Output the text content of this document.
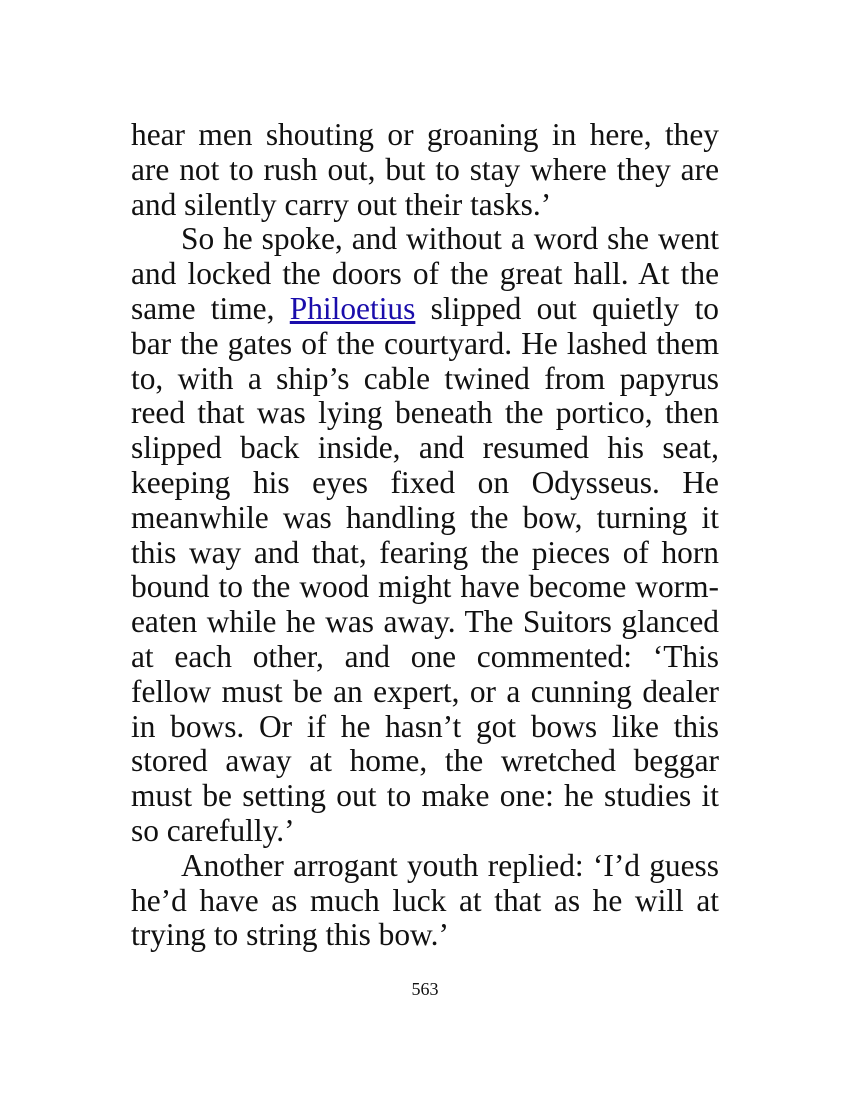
hear men shouting or groaning in here, they are not to rush out, but to stay where they are and silently carry out their tasks.’

So he spoke, and without a word she went and locked the doors of the great hall. At the same time, Philoetius slipped out quietly to bar the gates of the courtyard. He lashed them to, with a ship’s cable twined from papyrus reed that was lying beneath the portico, then slipped back inside, and resumed his seat, keeping his eyes fixed on Odysseus. He meanwhile was handling the bow, turning it this way and that, fearing the pieces of horn bound to the wood might have become worm-eaten while he was away. The Suitors glanced at each other, and one commented: ‘This fellow must be an expert, or a cunning dealer in bows. Or if he hasn’t got bows like this stored away at home, the wretched beggar must be setting out to make one: he studies it so carefully.’

Another arrogant youth replied: ‘I’d guess he’d have as much luck at that as he will at trying to string this bow.’

563
